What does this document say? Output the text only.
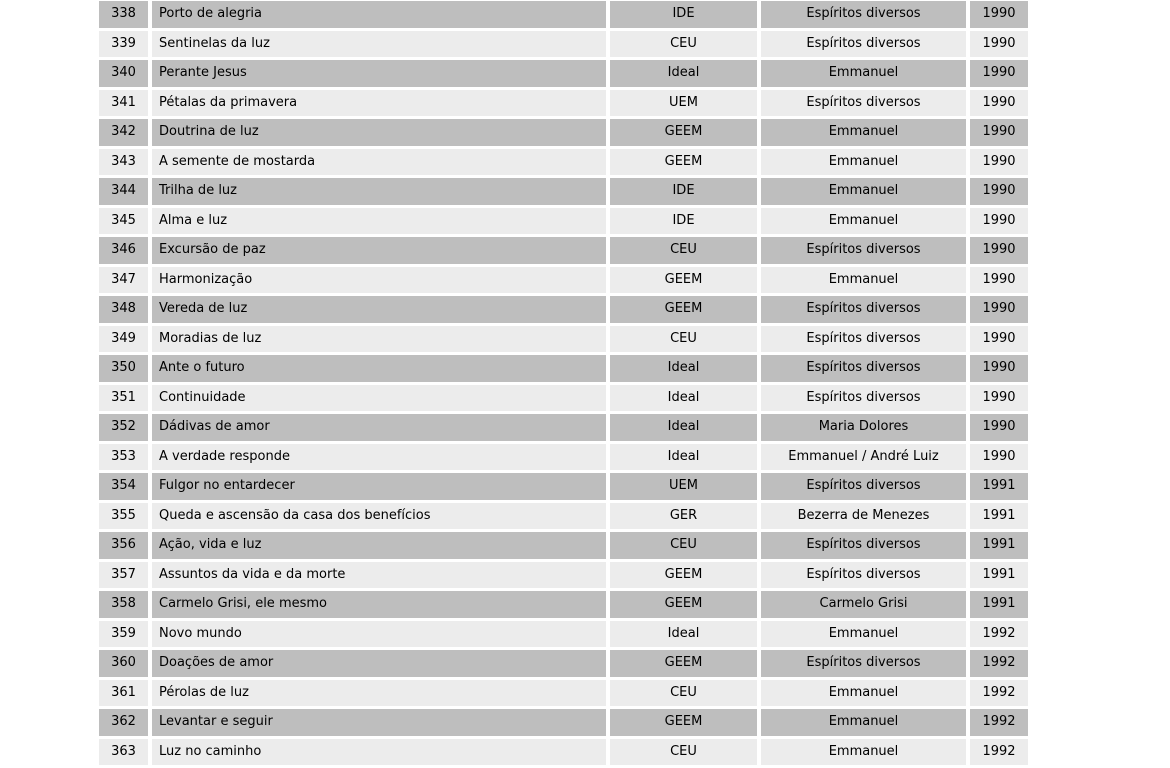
338	Porto de alegria	IDE	Espíritos diversos	1990
339	Sentinelas da luz	CEU	Espíritos diversos	1990
340	Perante Jesus	Ideal	Emmanuel	1990
341	Pétalas da primavera	UEM	Espíritos diversos	1990
342	Doutrina de luz	GEEM	Emmanuel	1990
343	A semente de mostarda	GEEM	Emmanuel	1990
344	Trilha de luz	IDE	Emmanuel	1990
345	Alma e luz	IDE	Emmanuel	1990
346	Excursão de paz	CEU	Espíritos diversos	1990
347	Harmonização	GEEM	Emmanuel	1990
348	Vereda de luz	GEEM	Espíritos diversos	1990
349	Moradias de luz	CEU	Espíritos diversos	1990
350	Ante o futuro	Ideal	Espíritos diversos	1990
351	Continuidade	Ideal	Espíritos diversos	1990
352	Dádivas de amor	Ideal	Maria Dolores	1990
353	A verdade responde	Ideal	Emmanuel / André Luiz	1990
354	Fulgor no entardecer	UEM	Espíritos diversos	1991
355	Queda e ascensão da casa dos benefícios	GER	Bezerra de Menezes	1991
356	Ação, vida e luz	CEU	Espíritos diversos	1991
357	Assuntos da vida e da morte	GEEM	Espíritos diversos	1991
358	Carmelo Grisi, ele mesmo	GEEM	Carmelo Grisi	1991
359	Novo mundo	Ideal	Emmanuel	1992
360	Doações de amor	GEEM	Espíritos diversos	1992
361	Pérolas de luz	CEU	Emmanuel	1992
362	Levantar e seguir	GEEM	Emmanuel	1992
363	Luz no caminho	CEU	Emmanuel	1992
